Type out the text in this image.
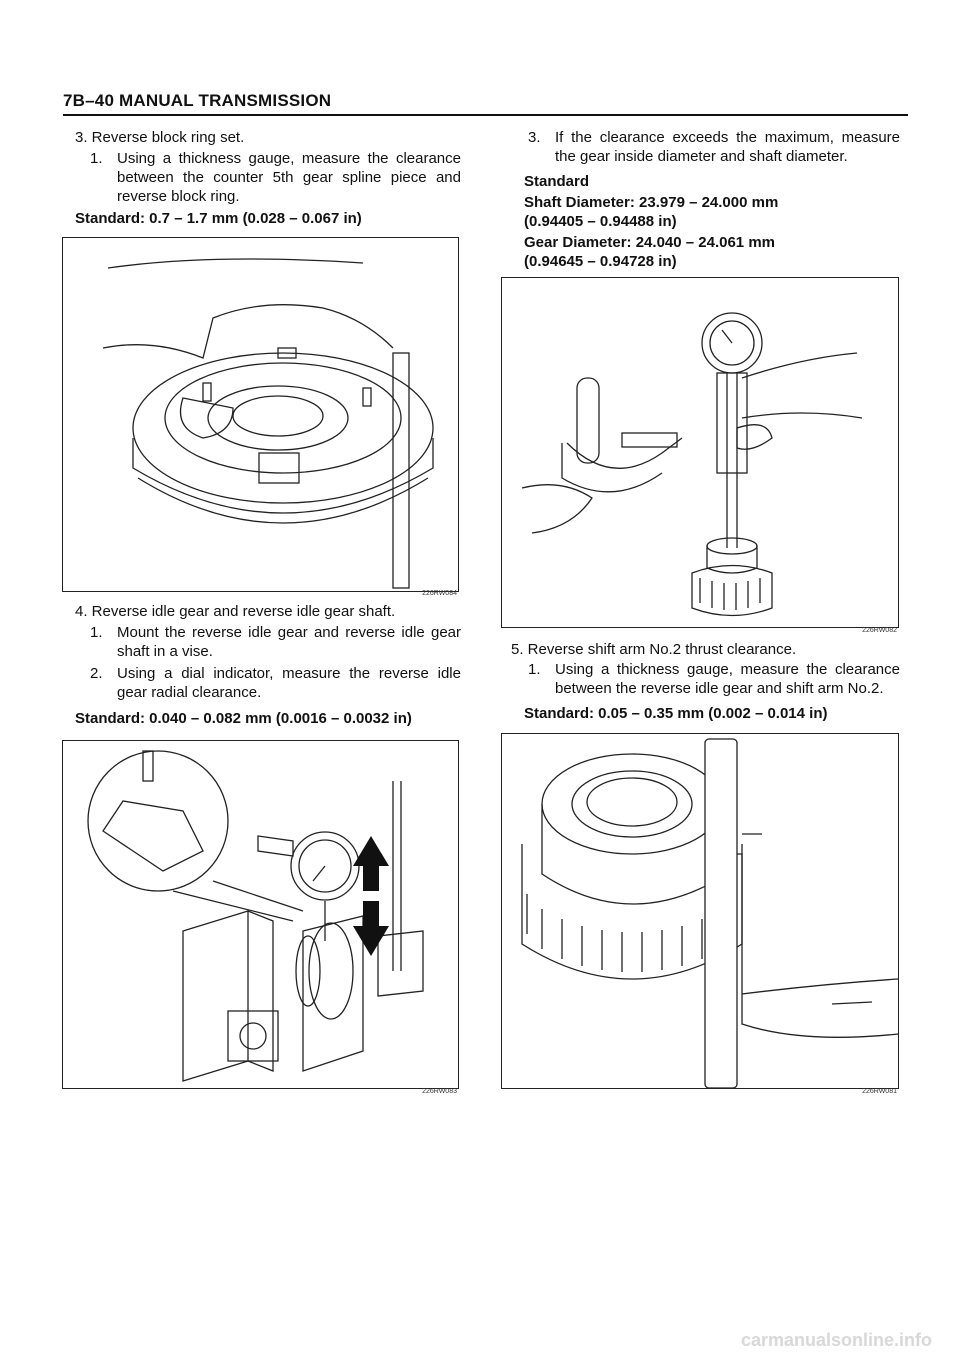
7B–40 MANUAL TRANSMISSION
3. Reverse block ring set.
1. Using a thickness gauge, measure the clearance between the counter 5th gear spline piece and reverse block ring.
Standard: 0.7 – 1.7 mm (0.028 – 0.067 in)
226RW084
4. Reverse idle gear and reverse idle gear shaft.
1. Mount the reverse idle gear and reverse idle gear shaft in a vise.
2. Using a dial indicator, measure the reverse idle gear radial clearance.
Standard: 0.040 – 0.082 mm (0.0016 – 0.0032 in)
226RW083
3. If the clearance exceeds the maximum, measure the gear inside diameter and shaft diameter.
Standard
Shaft Diameter: 23.979 – 24.000 mm
(0.94405 – 0.94488 in)
Gear Diameter: 24.040 – 24.061 mm
(0.94645 – 0.94728 in)
226RW082
5. Reverse shift arm No.2 thrust clearance.
1. Using a thickness gauge, measure the clearance between the reverse idle gear and shift arm No.2.
Standard: 0.05 – 0.35 mm (0.002 – 0.014 in)
226RW081
carmanualsonline.info
